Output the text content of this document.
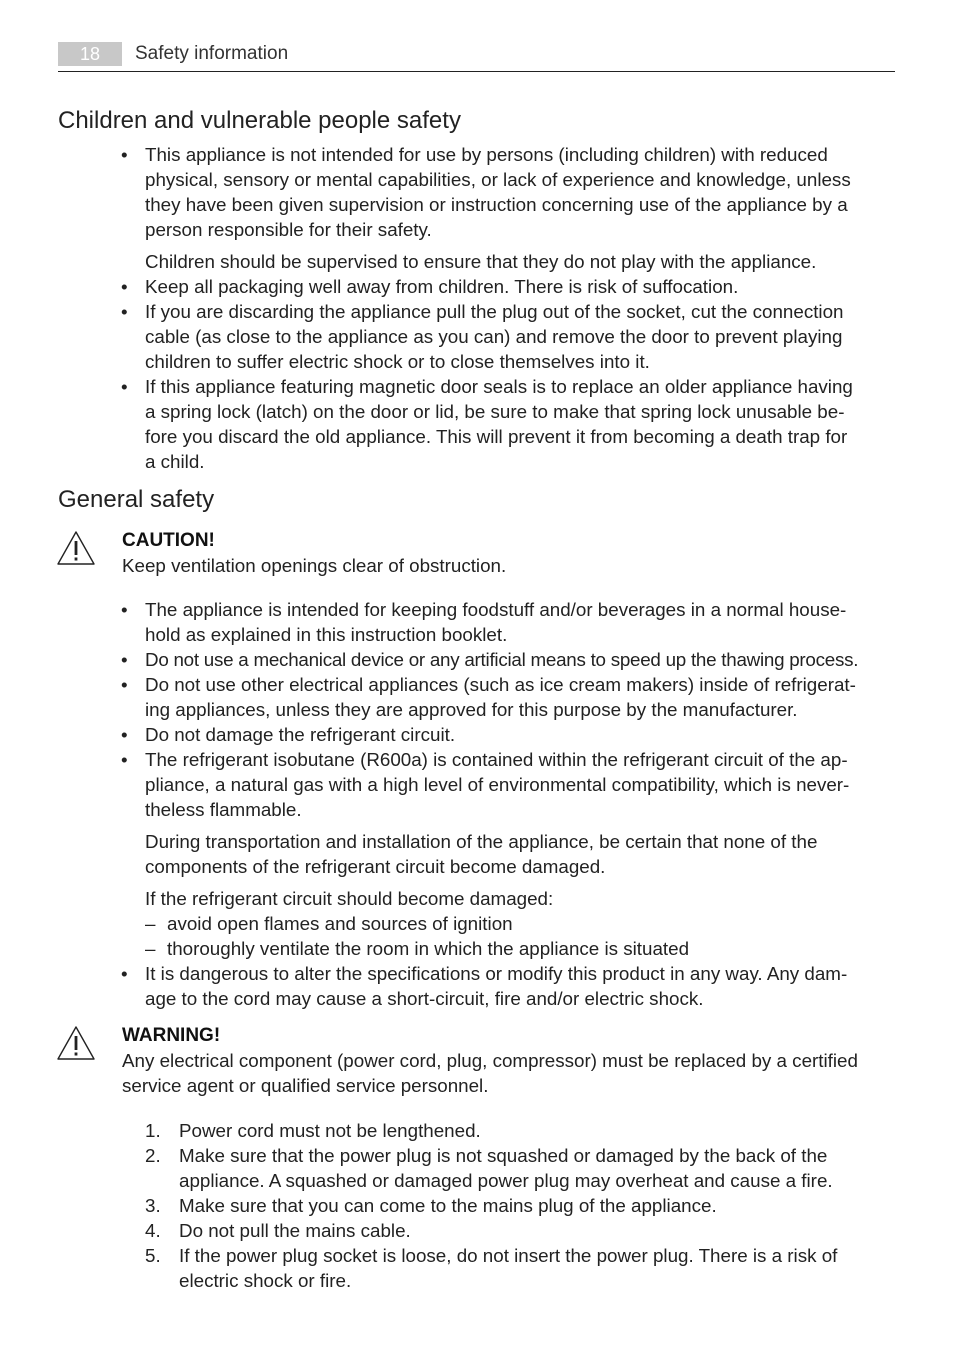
18	Safety information
Children and vulnerable people safety
• This appliance is not intended for use by persons (including children) with reduced
physical, sensory or mental capabilities, or lack of experience and knowledge, unless
they have been given supervision or instruction concerning use of the appliance by a
person responsible for their safety.
Children should be supervised to ensure that they do not play with the appliance.
• Keep all packaging well away from children. There is risk of suffocation.
• If you are discarding the appliance pull the plug out of the socket, cut the connection
cable (as close to the appliance as you can) and remove the door to prevent playing
children to suffer electric shock or to close themselves into it.
• If this appliance featuring magnetic door seals is to replace an older appliance having
a spring lock (latch) on the door or lid, be sure to make that spring lock unusable be-
fore you discard the old appliance. This will prevent it from becoming a death trap for
a child.
General safety
CAUTION!
Keep ventilation openings clear of obstruction.
• The appliance is intended for keeping foodstuff and/or beverages in a normal house-
hold as explained in this instruction booklet.
• Do not use a mechanical device or any artificial means to speed up the thawing process.
• Do not use other electrical appliances (such as ice cream makers) inside of refrigerat-
ing appliances, unless they are approved for this purpose by the manufacturer.
• Do not damage the refrigerant circuit.
• The refrigerant isobutane (R600a) is contained within the refrigerant circuit of the ap-
pliance, a natural gas with a high level of environmental compatibility, which is never-
theless flammable.
During transportation and installation of the appliance, be certain that none of the
components of the refrigerant circuit become damaged.
If the refrigerant circuit should become damaged:
– avoid open flames and sources of ignition
– thoroughly ventilate the room in which the appliance is situated
• It is dangerous to alter the specifications or modify this product in any way. Any dam-
age to the cord may cause a short-circuit, fire and/or electric shock.
WARNING!
Any electrical component (power cord, plug, compressor) must be replaced by a certified
service agent or qualified service personnel.
1. Power cord must not be lengthened.
2. Make sure that the power plug is not squashed or damaged by the back of the
appliance. A squashed or damaged power plug may overheat and cause a fire.
3. Make sure that you can come to the mains plug of the appliance.
4. Do not pull the mains cable.
5. If the power plug socket is loose, do not insert the power plug. There is a risk of
electric shock or fire.
